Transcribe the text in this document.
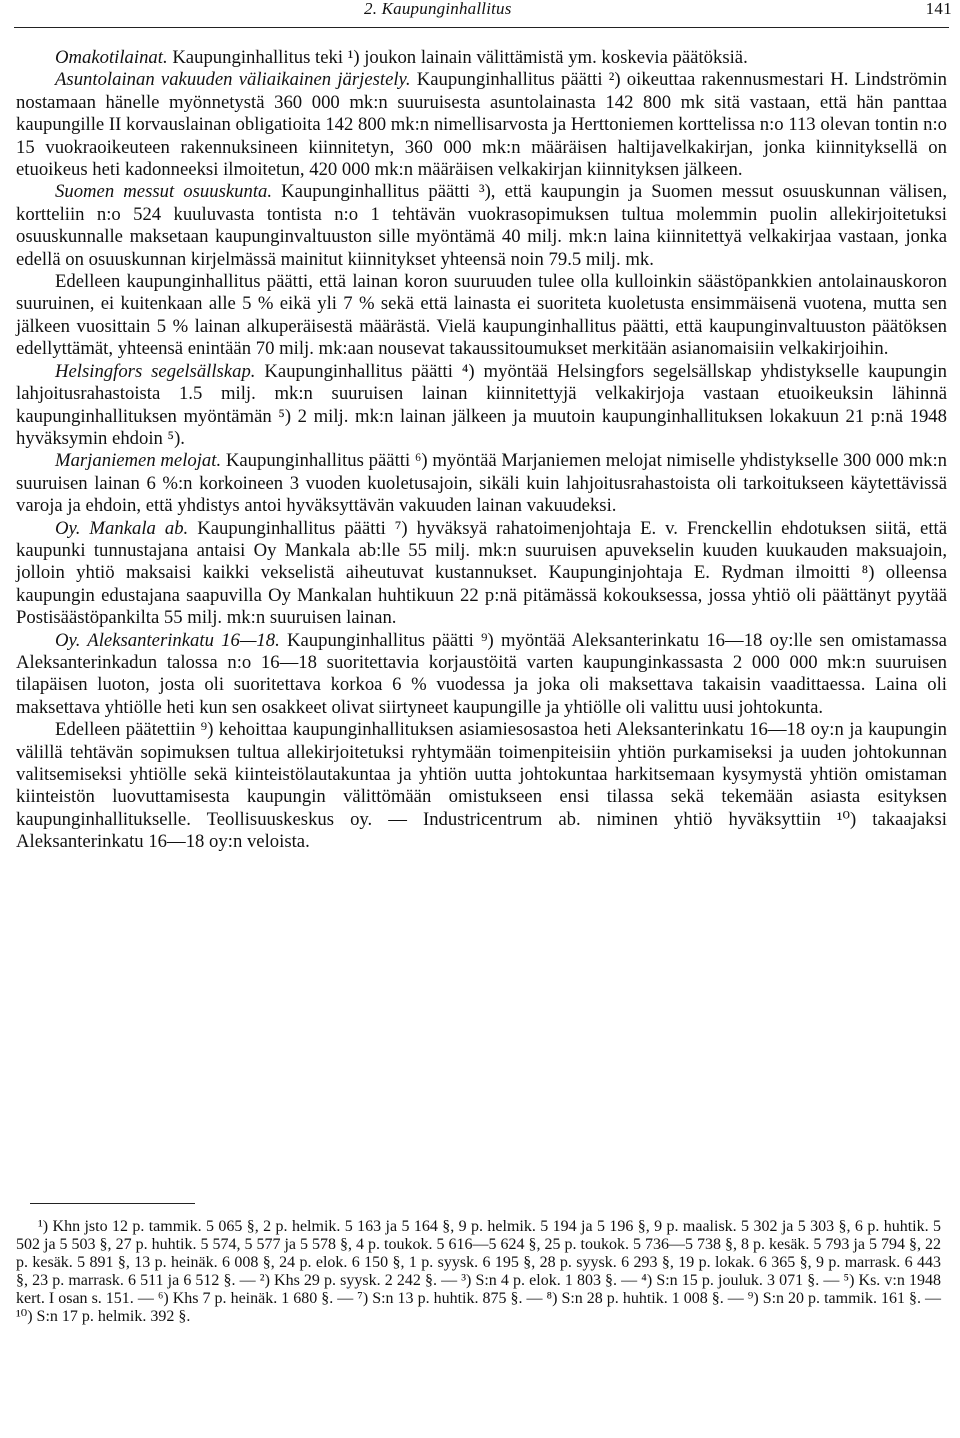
2. Kaupunginhallitus	141

Omakotilainat. Kaupunginhallitus teki ¹) joukon lainain välittämistä ym. koskevia päätöksiä.

Asuntolainan vakuuden väliaikainen järjestely. Kaupunginhallitus päätti ²) oikeuttaa rakennusmestari H. Lindströmin nostamaan hänelle myönnetystä 360 000 mk:n suuruisesta asuntolainasta 142 800 mk sitä vastaan, että hän panttaa kaupungille II korvauslainan obligatioita 142 800 mk:n nimellisarvosta ja Herttoniemen korttelissa n:o 113 olevan tontin n:o 15 vuokraoikeuteen rakennuksineen kiinnitetyn, 360 000 mk:n määräisen haltijavelkakirjan, jonka kiinnityksellä on etuoikeus heti kadonneeksi ilmoitetun, 420 000 mk:n määräisen velkakirjan kiinnityksen jälkeen.

Suomen messut osuuskunta. Kaupunginhallitus päätti ³), että kaupungin ja Suomen messut osuuskunnan välisen, kortteliin n:o 524 kuuluvasta tontista n:o 1 tehtävän vuokrasopimuksen tultua molemmin puolin allekirjoitetuksi osuuskunnalle maksetaan kaupunginvaltuuston sille myöntämä 40 milj. mk:n laina kiinnitettyä velkakirjaa vastaan, jonka edellä on osuuskunnan kirjelmässä mainitut kiinnitykset yhteensä noin 79.5 milj. mk.

Edelleen kaupunginhallitus päätti, että lainan koron suuruuden tulee olla kulloinkin säästöpankkien antolainauskoron suuruinen, ei kuitenkaan alle 5 % eikä yli 7 % sekä että lainasta ei suoriteta kuoletusta ensimmäisenä vuotena, mutta sen jälkeen vuosittain 5 % lainan alkuperäisestä määrästä. Vielä kaupunginhallitus päätti, että kaupunginvaltuuston päätöksen edellyttämät, yhteensä enintään 70 milj. mk:aan nousevat takaussitoumukset merkitään asianomaisiin velkakirjoihin.

Helsingfors segelsällskap. Kaupunginhallitus päätti ⁴) myöntää Helsingfors segelsällskap yhdistykselle kaupungin lahjoitusrahastoista 1.5 milj. mk:n suuruisen lainan kiinnitettyjä velkakirjoja vastaan etuoikeuksin lähinnä kaupunginhallituksen myöntämän ⁵) 2 milj. mk:n lainan jälkeen ja muutoin kaupunginhallituksen lokakuun 21 p:nä 1948 hyväksymin ehdoin ⁵).

Marjaniemen melojat. Kaupunginhallitus päätti ⁶) myöntää Marjaniemen melojat nimiselle yhdistykselle 300 000 mk:n suuruisen lainan 6 %:n korkoineen 3 vuoden kuoletusajoin, sikäli kuin lahjoitusrahastoista oli tarkoitukseen käytettävissä varoja ja ehdoin, että yhdistys antoi hyväksyttävän vakuuden lainan vakuudeksi.

Oy. Mankala ab. Kaupunginhallitus päätti ⁷) hyväksyä rahatoimenjohtaja E. v. Frenckellin ehdotuksen siitä, että kaupunki tunnustajana antaisi Oy Mankala ab:lle 55 milj. mk:n suuruisen apuvekselin kuuden kuukauden maksuajoin, jolloin yhtiö maksaisi kaikki vekselistä aiheutuvat kustannukset. Kaupunginjohtaja E. Rydman ilmoitti ⁸) olleensa kaupungin edustajana saapuvilla Oy Mankalan huhtikuun 22 p:nä pitämässä kokouksessa, jossa yhtiö oli päättänyt pyytää Postisäästöpankilta 55 milj. mk:n suuruisen lainan.

Oy. Aleksanterinkatu 16—18. Kaupunginhallitus päätti ⁹) myöntää Aleksanterinkatu 16—18 oy:lle sen omistamassa Aleksanterinkadun talossa n:o 16—18 suoritettavia korjaustöitä varten kaupunginkassasta 2 000 000 mk:n suuruisen tilapäisen luoton, josta oli suoritettava korkoa 6 % vuodessa ja joka oli maksettava takaisin vaadittaessa. Laina oli maksettava yhtiölle heti kun sen osakkeet olivat siirtyneet kaupungille ja yhtiölle oli valittu uusi johtokunta.

Edelleen päätettiin ⁹) kehoittaa kaupunginhallituksen asiamiesosastoa heti Aleksanterinkatu 16—18 oy:n ja kaupungin välillä tehtävän sopimuksen tultua allekirjoitetuksi ryhtymään toimenpiteisiin yhtiön purkamiseksi ja uuden johtokunnan valitsemiseksi yhtiölle sekä kiinteistölautakuntaa ja yhtiön uutta johtokuntaa harkitsemaan kysymystä yhtiön omistaman kiinteistön luovuttamisesta kaupungin välittömään omistukseen ensi tilassa sekä tekemään asiasta esityksen kaupunginhallitukselle. Teollisuuskeskus oy. — Industricentrum ab. niminen yhtiö hyväksyttiin ¹⁰) takaajaksi Aleksanterinkatu 16—18 oy:n veloista.

¹) Khn jsto 12 p. tammik. 5 065 §, 2 p. helmik. 5 163 ja 5 164 §, 9 p. helmik. 5 194 ja 5 196 §, 9 p. maalisk. 5 302 ja 5 303 §, 6 p. huhtik. 5 502 ja 5 503 §, 27 p. huhtik. 5 574, 5 577 ja 5 578 §, 4 p. toukok. 5 616—5 624 §, 25 p. toukok. 5 736—5 738 §, 8 p. kesäk. 5 793 ja 5 794 §, 22 p. kesäk. 5 891 §, 13 p. heinäk. 6 008 §, 24 p. elok. 6 150 §, 1 p. syysk. 6 195 §, 28 p. syysk. 6 293 §, 19 p. lokak. 6 365 §, 9 p. marrask. 6 443 §, 23 p. marrask. 6 511 ja 6 512 §. — ²) Khs 29 p. syysk. 2 242 §. — ³) S:n 4 p. elok. 1 803 §. — ⁴) S:n 15 p. jouluk. 3 071 §. — ⁵) Ks. v:n 1948 kert. I osan s. 151. — ⁶) Khs 7 p. heinäk. 1 680 §. — ⁷) S:n 13 p. huhtik. 875 §. — ⁸) S:n 28 p. huhtik. 1 008 §. — ⁹) S:n 20 p. tammik. 161 §. — ¹⁰) S:n 17 p. helmik. 392 §.
